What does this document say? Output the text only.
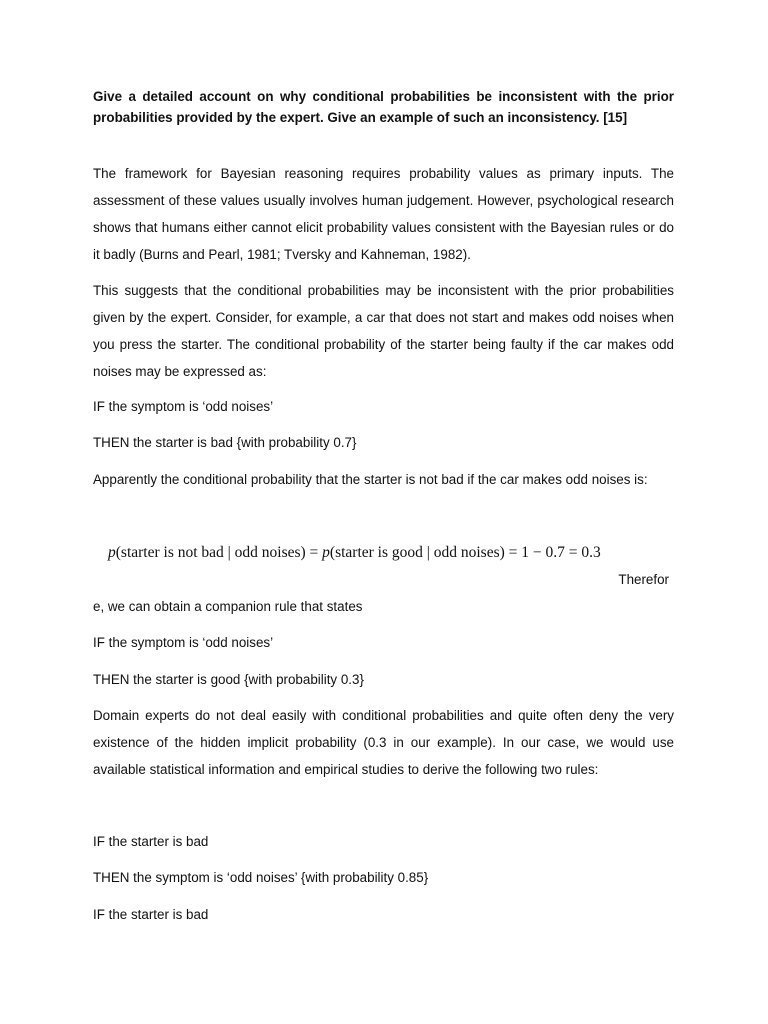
Give a detailed account on why conditional probabilities be inconsistent with the prior probabilities provided by the expert. Give an example of such an inconsistency. [15]

The framework for Bayesian reasoning requires probability values as primary inputs. The assessment of these values usually involves human judgement. However, psychological research shows that humans either cannot elicit probability values consistent with the Bayesian rules or do it badly (Burns and Pearl, 1981; Tversky and Kahneman, 1982).

This suggests that the conditional probabilities may be inconsistent with the prior probabilities given by the expert. Consider, for example, a car that does not start and makes odd noises when you press the starter. The conditional probability of the starter being faulty if the car makes odd noises may be expressed as:

IF the symptom is ‘odd noises’

THEN the starter is bad {with probability 0.7}

Apparently the conditional probability that the starter is not bad if the car makes odd noises is:

p(starter is not bad | odd noises) = p(starter is good | odd noises) = 1 − 0.7 = 0.3

Therefor

e, we can obtain a companion rule that states

IF the symptom is ‘odd noises’

THEN the starter is good {with probability 0.3}

Domain experts do not deal easily with conditional probabilities and quite often deny the very existence of the hidden implicit probability (0.3 in our example). In our case, we would use available statistical information and empirical studies to derive the following two rules:

IF the starter is bad

THEN the symptom is ‘odd noises’ {with probability 0.85}

IF the starter is bad
